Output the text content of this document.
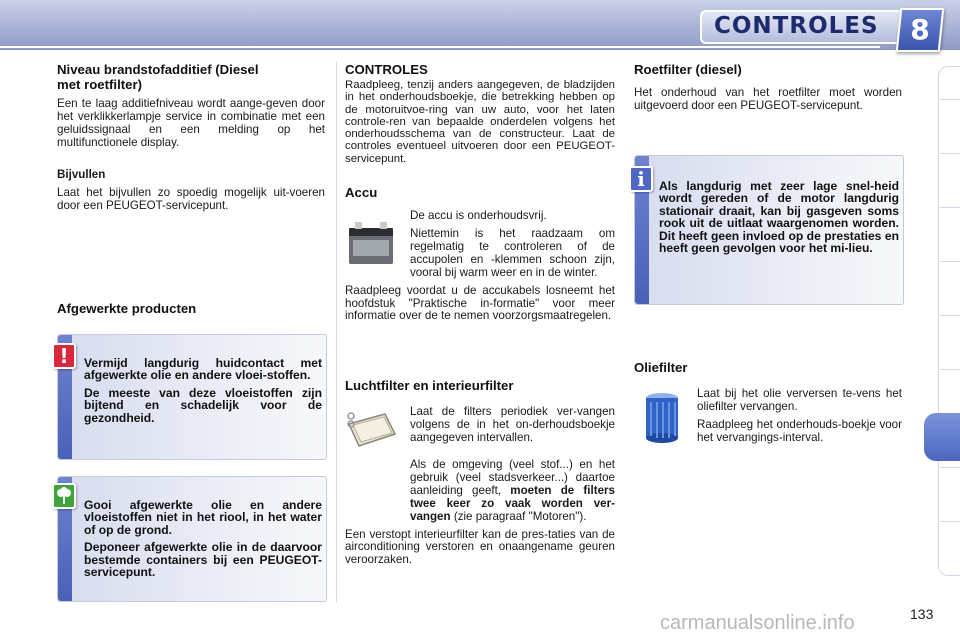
CONTROLES	8
Niveau brandstofadditief (Diesel met roetfilter)
Een te laag additiefniveau wordt aange-geven door het verklikkerlampje service in combinatie met een geluidssignaal en een melding op het multifunctionele display.
Bijvullen
Laat het bijvullen zo spoedig mogelijk uit-voeren door een PEUGEOT-servicepunt.
Afgewerkte producten
! Vermijd langdurig huidcontact met afgewerkte olie en andere vloei-stoffen.

De meeste van deze vloeistoffen zijn bijtend en schadelijk voor de gezondheid.

Gooi afgewerkte olie en andere vloeistoffen niet in het riool, in het water of op de grond.

Deponeer afgewerkte olie in de daarvoor bestemde containers bij een PEUGEOT-servicepunt.

CONTROLES
Raadpleeg, tenzij anders aangegeven, de bladzijden in het onderhoudsboekje, die betrekking hebben op de motoruitvoe-ring van uw auto, voor het laten controle-ren van bepaalde onderdelen volgens het onderhoudsschema van de constructeur. Laat de controles eventueel uitvoeren door een PEUGEOT-servicepunt.
Accu
De accu is onderhoudsvrij.
Niettemin is het raadzaam om regelmatig te controleren of de accupolen en -klemmen schoon zijn, vooral bij warm weer en in de winter.
Raadpleeg voordat u de accukabels losneemt het hoofdstuk "Praktische in-formatie" voor meer informatie over de te nemen voorzorgsmaatregelen.
Luchtfilter en interieurfilter
Laat de filters periodiek ver-vangen volgens de in het on-derhoudsboekje aangegeven intervallen.
Als de omgeving (veel stof...) en het gebruik (veel stadsverkeer...) daartoe aanleiding geeft, moeten de filters twee keer zo vaak worden ver-vangen (zie paragraaf "Motoren").
Een verstopt interieurfilter kan de pres-taties van de airconditioning verstoren en onaangename geuren veroorzaken.
Roetfilter (diesel)
Het onderhoud van het roetfilter moet worden uitgevoerd door een PEUGEOT-servicepunt.
i Als langdurig met zeer lage snel-heid wordt gereden of de motor langdurig stationair draait, kan bij gasgeven soms rook uit de uitlaat waargenomen worden. Dit heeft geen invloed op de prestaties en heeft geen gevolgen voor het mi-lieu.
Oliefilter
Laat bij het olie verversen te-vens het oliefilter vervangen.
Raadpleeg het onderhouds-boekje voor het vervangings-interval.
carmanualsonline.info	133
